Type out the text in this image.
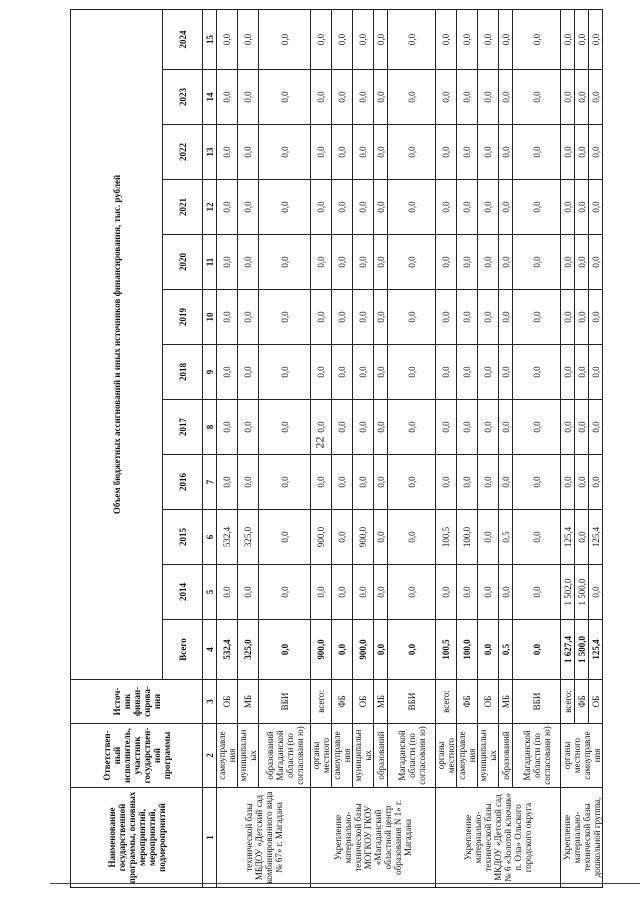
22
Наименование государственной программы, основных мероприятий, мероприятий, подмероприятий	Ответствен-ный исполнитель, участник государствен-ной программы	Источ-ник финан-сирова-ния	Объем бюджетных ассигнований и иных источников финансирования, тыс. рублей											
			Всего	2014	2015	2016	2017	2018	2019	2020	2021	2022	2023	2024
1	2	3	4	5	6	7	8	9	10	11	12	13	14	15
технической базы МБДОУ «Детский сад комбинированного вида № 67» г. Магадана	самоуправле ния	ОБ	532,4	0,0	532,4	0,0	0,0	0,0	0,0	0,0	0,0	0,0	0,0	0,0
	муниципальн ых	МБ	325,0	0,0	325,0	0,0	0,0	0,0	0,0	0,0	0,0	0,0	0,0	0,0
	образований Магаданской области (по согласовани ю)	ВБИ	0,0	0,0	0,0	0,0	0,0	0,0	0,0	0,0	0,0	0,0	0,0	0,0
Укрепление материально-технической базы МОГКОУ ГКОУ «Магаданский областной центр образования N 1» г. Магадана	органы местного	всего:	900,0	0,0	900,0	0,0	0,0	0,0	0,0	0,0	0,0	0,0	0,0	0,0
	самоуправле ния	ФБ	0,0	0,0	0,0	0,0	0,0	0,0	0,0	0,0	0,0	0,0	0,0	0,0
	муниципальн ых	ОБ	900,0	0,0	900,0	0,0	0,0	0,0	0,0	0,0	0,0	0,0	0,0	0,0
	образований	МБ	0,0	0,0	0,0	0,0	0,0	0,0	0,0	0,0	0,0	0,0	0,0	0,0
	Магаданской области (по согласовани ю)	ВБИ	0,0	0,0	0,0	0,0	0,0	0,0	0,0	0,0	0,0	0,0	0,0	0,0
Укрепление материально-технической базы МКДОУ «Детский сад № 6 «Золотой ключик» п. Ола» Ольского городского округа	органы местного	всего:	100,5	0,0	100,5	0,0	0,0	0,0	0,0	0,0	0,0	0,0	0,0	0,0
	самоуправле ния	ФБ	100,0	0,0	100,0	0,0	0,0	0,0	0,0	0,0	0,0	0,0	0,0	0,0
	муниципальн ых	ОБ	0,0	0,0	0,0	0,0	0,0	0,0	0,0	0,0	0,0	0,0	0,0	0,0
	образований	МБ	0,5	0,0	0,5	0,0	0,0	0,0	0,0	0,0	0,0	0,0	0,0	0,0
	Магаданской области (по согласовани ю)	ВБИ	0,0	0,0	0,0	0,0	0,0	0,0	0,0	0,0	0,0	0,0	0,0	0,0
Укрепление материально-технической базы дошкольной группы,	органы местного самоуправле ния	всего:	1 627,4	1 502,0	125,4	0,0	0,0	0,0	0,0	0,0	0,0	0,0	0,0	0,0
		ФБ	1 500,0	1 500,0	0,0	0,0	0,0	0,0	0,0	0,0	0,0	0,0	0,0	0,0
		ОБ	125,4	0,0	125,4	0,0	0,0	0,0	0,0	0,0	0,0	0,0	0,0	0,0
